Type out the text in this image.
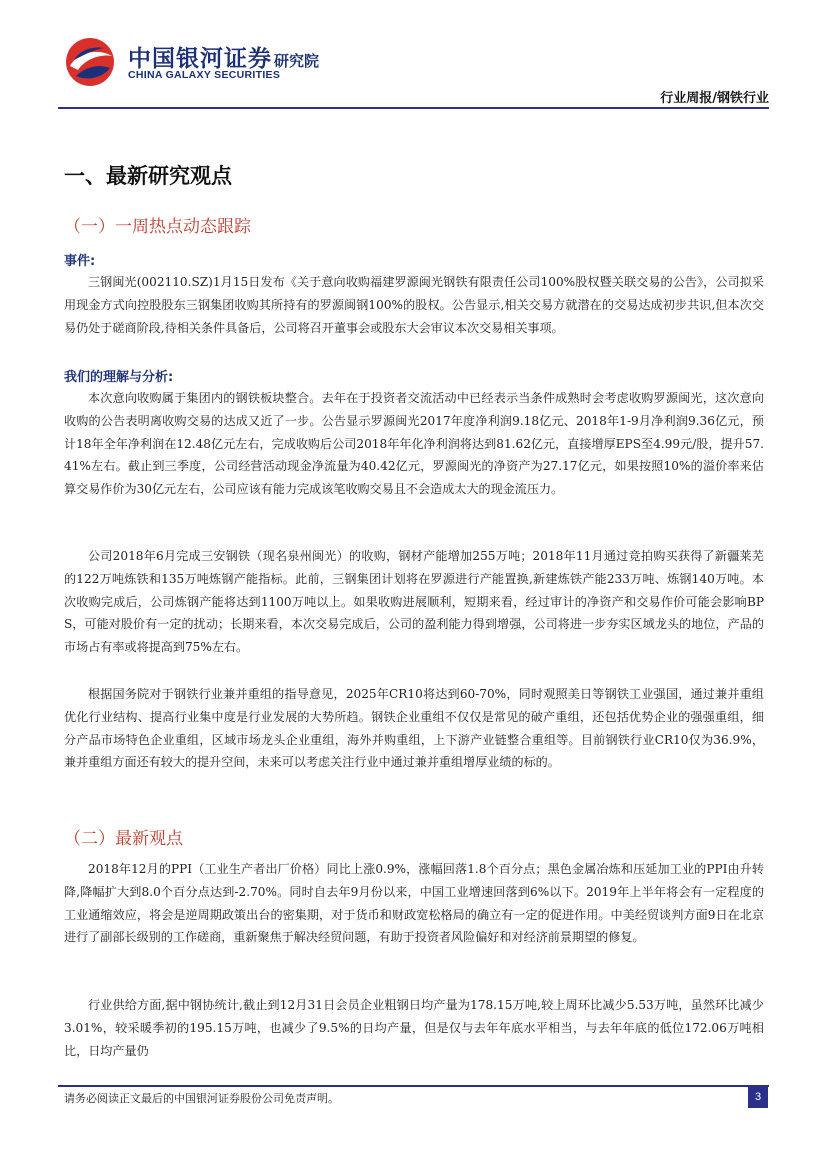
中国银河证券
CHINA GALAXY SECURITIES
研究院
行业周报/钢铁行业
一、最新研究观点
（一）一周热点动态跟踪
事件:
三钢闽光(002110.SZ)1月15日发布《关于意向收购福建罗源闽光钢铁有限责任公司100%股权暨关联交易的公告》，公司拟采用现金方式向控股股东三钢集团收购其所持有的罗源闽钢100%的股权。公告显示,相关交易方就潜在的交易达成初步共识,但本次交易仍处于磋商阶段,待相关条件具备后，公司将召开董事会或股东大会审议本次交易相关事项。
我们的理解与分析:
本次意向收购属于集团内的钢铁板块整合。去年在于投资者交流活动中已经表示当条件成熟时会考虑收购罗源闽光，这次意向收购的公告表明离收购交易的达成又近了一步。公告显示罗源闽光2017年度净利润9.18亿元、2018年1-9月净利润9.36亿元，预计18年全年净利润在12.48亿元左右，完成收购后公司2018年年化净利润将达到81.62亿元，直接增厚EPS至4.99元/股，提升57.41%左右。截止到三季度，公司经营活动现金净流量为40.42亿元，罗源闽光的净资产为27.17亿元，如果按照10%的溢价率来估算交易作价为30亿元左右，公司应该有能力完成该笔收购交易且不会造成太大的现金流压力。
公司2018年6月完成三安钢铁（现名泉州闽光）的收购，钢材产能增加255万吨；2018年11月通过竞拍购买获得了新疆莱芜的122万吨炼铁和135万吨炼钢产能指标。此前，三钢集团计划将在罗源进行产能置换,新建炼铁产能233万吨、炼钢140万吨。本次收购完成后，公司炼钢产能将达到1100万吨以上。如果收购进展顺利，短期来看，经过审计的净资产和交易作价可能会影响BPS，可能对股价有一定的扰动；长期来看，本次交易完成后，公司的盈利能力得到增强，公司将进一步夯实区域龙头的地位，产品的市场占有率或将提高到75%左右。
根据国务院对于钢铁行业兼并重组的指导意见，2025年CR10将达到60-70%，同时观照美日等钢铁工业强国，通过兼并重组优化行业结构、提高行业集中度是行业发展的大势所趋。钢铁企业重组不仅仅是常见的破产重组，还包括优势企业的强强重组，细分产品市场特色企业重组，区域市场龙头企业重组，海外并购重组，上下游产业链整合重组等。目前钢铁行业CR10仅为36.9%，兼并重组方面还有较大的提升空间，未来可以考虑关注行业中通过兼并重组增厚业绩的标的。
（二）最新观点
2018年12月的PPI（工业生产者出厂价格）同比上涨0.9%，涨幅回落1.8个百分点；黑色金属冶炼和压延加工业的PPI由升转降,降幅扩大到8.0个百分点达到-2.70%。同时自去年9月份以来，中国工业增速回落到6%以下。2019年上半年将会有一定程度的工业通缩效应，将会是逆周期政策出台的密集期，对于货币和财政宽松格局的确立有一定的促进作用。中美经贸谈判方面9日在北京进行了副部长级别的工作磋商，重新聚焦于解决经贸问题，有助于投资者风险偏好和对经济前景期望的修复。
行业供给方面,据中钢协统计,截止到12月31日会员企业粗钢日均产量为178.15万吨,较上周环比减少5.53万吨，虽然环比减少3.01%，较采暖季初的195.15万吨，也减少了9.5%的日均产量，但是仅与去年年底水平相当，与去年年底的低位172.06万吨相比，日均产量仍
请务必阅读正文最后的中国银河证券股份公司免责声明。	3
